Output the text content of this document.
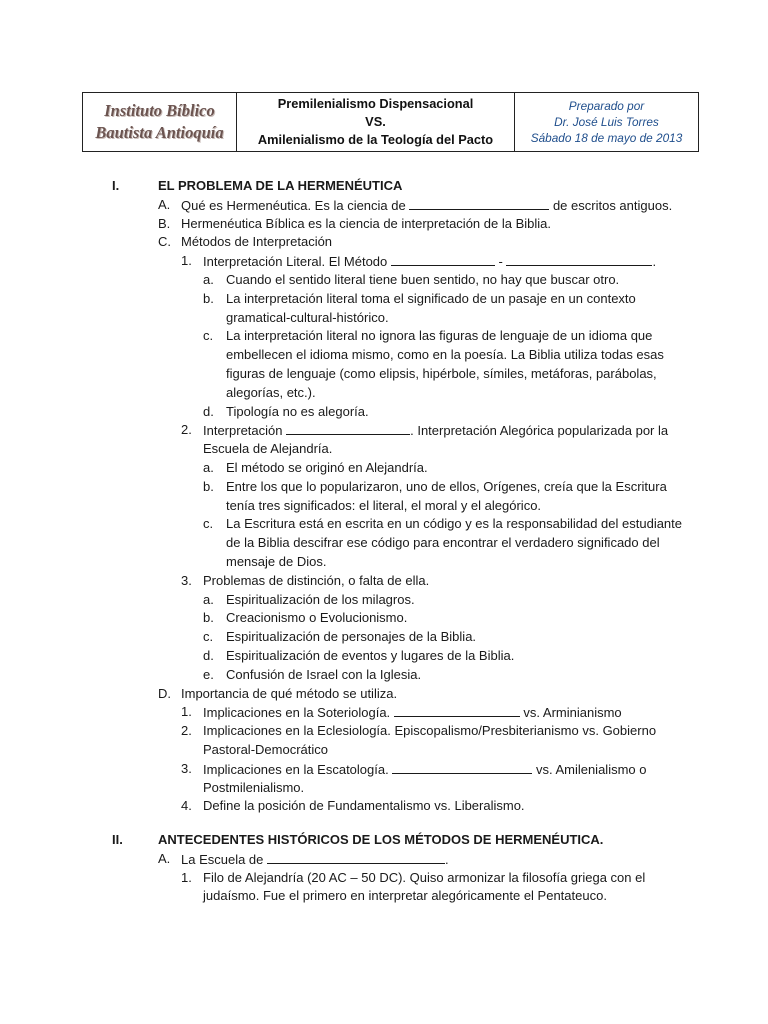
Instituto Bíblico
Bautista Antioquía

Premilenialismo Dispensacional
VS.
Amilenialismo de la Teología del Pacto

Preparado por
Dr. José Luis Torres
Sábado 18 de mayo de 2013
I.	EL PROBLEMA DE LA HERMENÉUTICA
A. Qué es Hermenéutica. Es la ciencia de	de escritos antiguos.
B. Hermenéutica Bíblica es la ciencia de interpretación de la Biblia.
C. Métodos de Interpretación
1. Interpretación Literal. El Método	-	.
a. Cuando el sentido literal tiene buen sentido, no hay que buscar otro.
b. La interpretación literal toma el significado de un pasaje en un contexto
gramatical-cultural-histórico.
c. La interpretación literal no ignora las figuras de lenguaje de un idioma que
embellecen el idioma mismo, como en la poesía. La Biblia utiliza todas esas
figuras de lenguaje (como elipsis, hipérbole, símiles, metáforas, parábolas,
alegorías, etc.).
d. Tipología no es alegoría.
2. Interpretación	. Interpretación Alegórica popularizada por la
Escuela de Alejandría.
a. El método se originó en Alejandría.
b. Entre los que lo popularizaron, uno de ellos, Orígenes, creía que la Escritura
tenía tres significados: el literal, el moral y el alegórico.
c. La Escritura está en escrita en un código y es la responsabilidad del estudiante
de la Biblia descifrar ese código para encontrar el verdadero significado del
mensaje de Dios.
3. Problemas de distinción, o falta de ella.
a. Espiritualización de los milagros.
b. Creacionismo o Evolucionismo.
c. Espiritualización de personajes de la Biblia.
d. Espiritualización de eventos y lugares de la Biblia.
e. Confusión de Israel con la Iglesia.
D. Importancia de qué método se utiliza.
1. Implicaciones en la Soteriología.	vs. Arminianismo
2. Implicaciones en la Eclesiología. Episcopalismo/Presbiterianismo vs. Gobierno
Pastoral-Democrático
3. Implicaciones en la Escatología.	vs. Amilenialismo o
Postmilenialismo.
4. Define la posición de Fundamentalismo vs. Liberalismo.
II.	ANTECEDENTES HISTÓRICOS DE LOS MÉTODOS DE HERMENÉUTICA.
A. La Escuela de	.
1. Filo de Alejandría (20 AC – 50 DC). Quiso armonizar la filosofía griega con el
judaísmo. Fue el primero en interpretar alegóricamente el Pentateuco.
